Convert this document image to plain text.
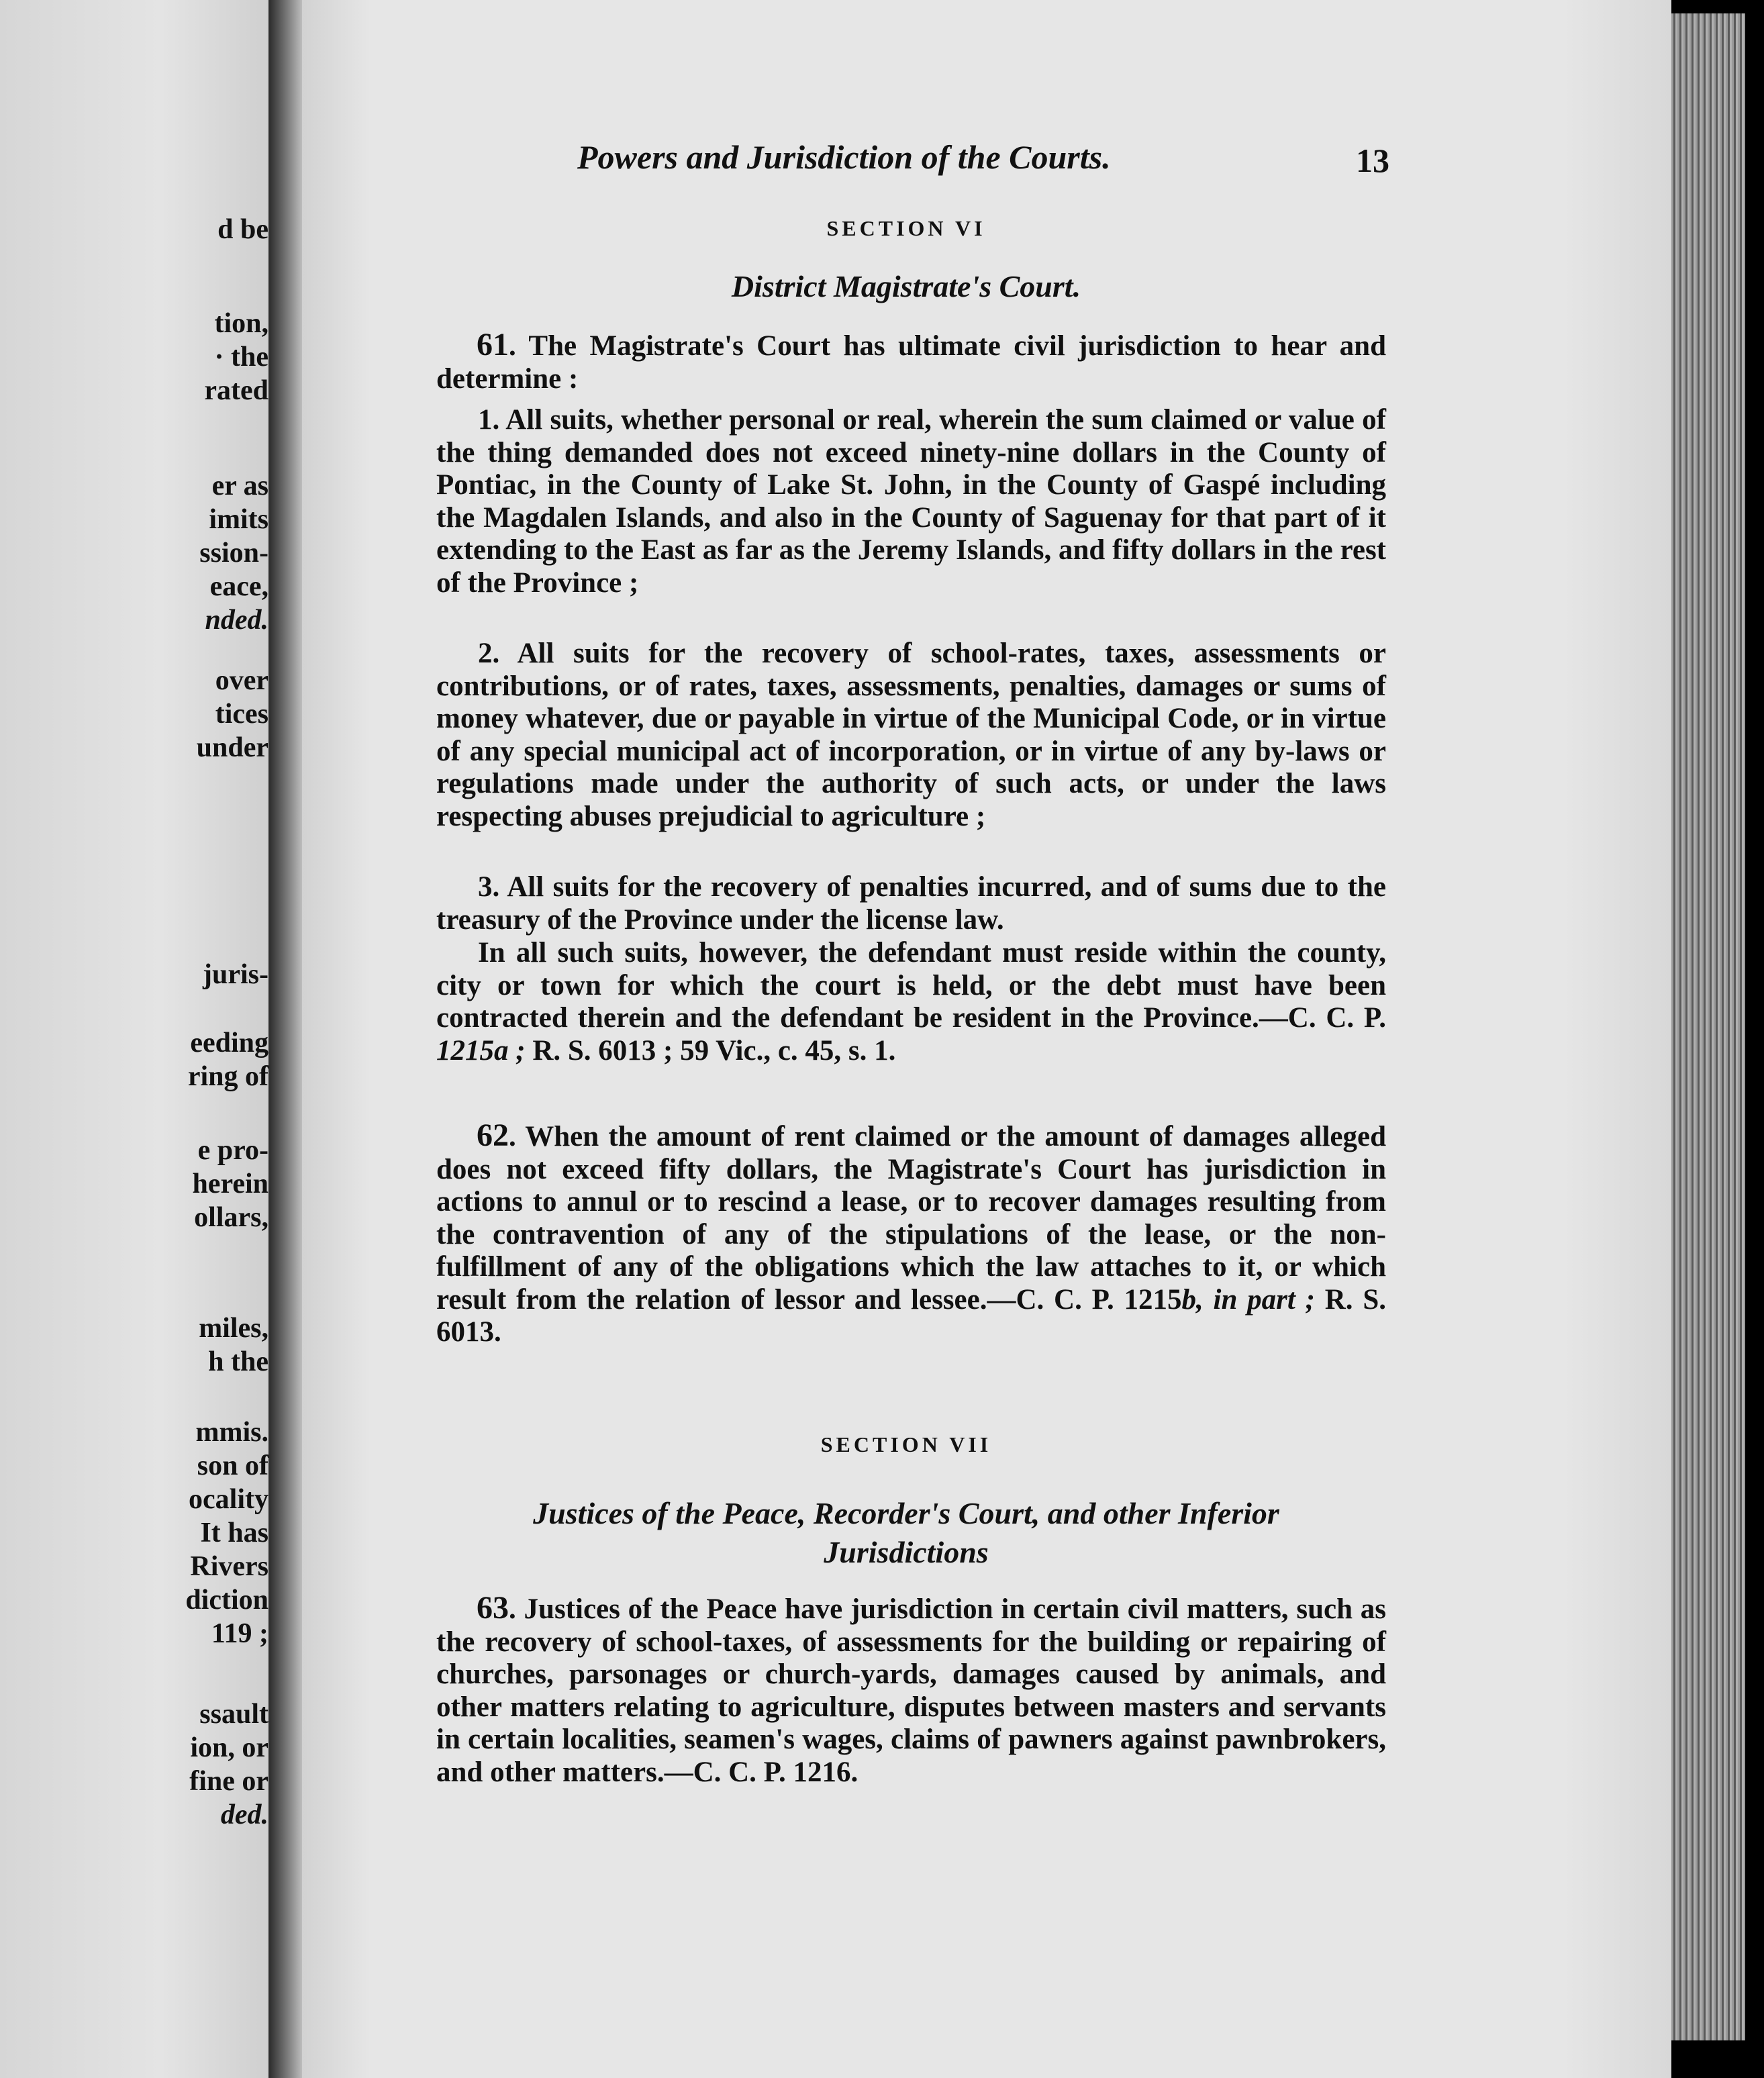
d be
tion,
· the
rated
er as
imits
ssion-
eace,
nded.
over
tices
under
juris-
eeding
ring of
e pro-
herein
ollars,
miles,
h the
mmis.
son of
ocality
It has
Rivers
diction
119 ;
ssault
ion, or
fine or
ded.
Powers and Jurisdiction of the Courts.	13
SECTION VI
District Magistrate's Court.
61. The Magistrate's Court has ultimate civil jurisdiction to hear and determine :
1. All suits, whether personal or real, wherein the sum claimed or value of the thing demanded does not exceed ninety-nine dollars in the County of Pontiac, in the County of Lake St. John, in the County of Gaspé including the Magdalen Islands, and also in the County of Saguenay for that part of it extending to the East as far as the Jeremy Islands, and fifty dollars in the rest of the Province ;
2. All suits for the recovery of school-rates, taxes, assessments or contributions, or of rates, taxes, assessments, penalties, damages or sums of money whatever, due or payable in virtue of the Municipal Code, or in virtue of any special municipal act of incorporation, or in virtue of any by-laws or regulations made under the authority of such acts, or under the laws respecting abuses prejudicial to agriculture ;
3. All suits for the recovery of penalties incurred, and of sums due to the treasury of the Province under the license law.
In all such suits, however, the defendant must reside within the county, city or town for which the court is held, or the debt must have been contracted therein and the defendant be resident in the Province.—C. C. P. 1215a ; R. S. 6013 ; 59 Vic., c. 45, s. 1.
62. When the amount of rent claimed or the amount of damages alleged does not exceed fifty dollars, the Magistrate's Court has jurisdiction in actions to annul or to rescind a lease, or to recover damages resulting from the contravention of any of the stipulations of the lease, or the non-fulfillment of any of the obligations which the law attaches to it, or which result from the relation of lessor and lessee.—C. C. P. 1215b, in part ; R. S. 6013.
SECTION VII
Justices of the Peace, Recorder's Court, and other Inferior
Jurisdictions
63. Justices of the Peace have jurisdiction in certain civil matters, such as the recovery of school-taxes, of assessments for the building or repairing of churches, parsonages or church-yards, damages caused by animals, and other matters relating to agriculture, disputes between masters and servants in certain localities, seamen's wages, claims of pawners against pawnbrokers, and other matters.—C. C. P. 1216.
